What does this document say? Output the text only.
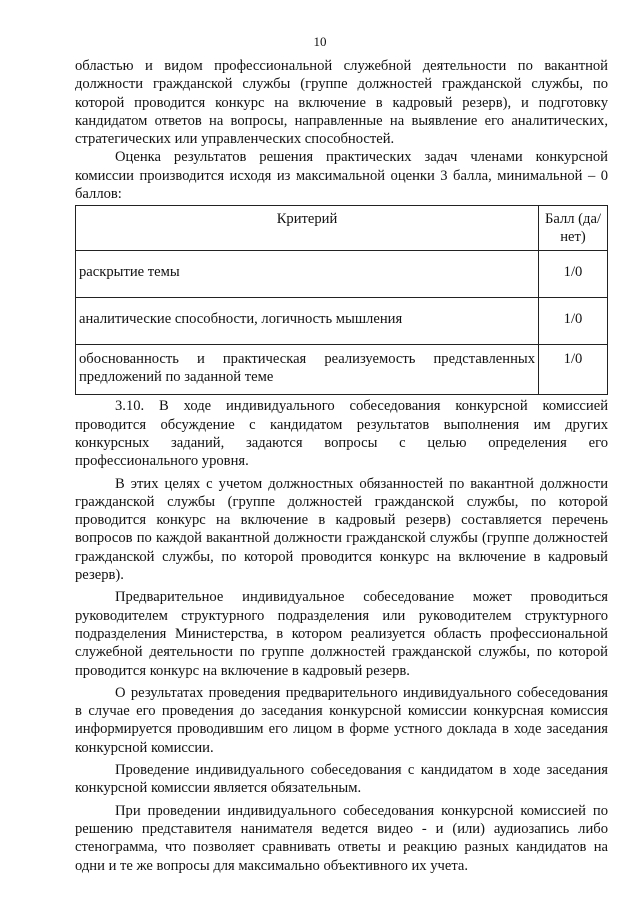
10

областью и видом профессиональной служебной деятельности по вакантной должности гражданской службы (группе должностей гражданской службы, по которой проводится конкурс на включение в кадровый резерв), и подготовку кандидатом ответов на вопросы, направленные на выявление его аналитических, стратегических или управленческих способностей.

Оценка результатов решения практических задач членами конкурсной комиссии производится исходя из максимальной оценки 3 балла, минимальной – 0 баллов:

Критерий	Балл (да/нет)
раскрытие темы	1/0
аналитические способности, логичность мышления	1/0
обоснованность и практическая реализуемость представленных предложений по заданной теме	1/0

3.10. В ходе индивидуального собеседования конкурсной комиссией проводится обсуждение с кандидатом результатов выполнения им других конкурсных заданий, задаются вопросы с целью определения его профессионального уровня.

В этих целях с учетом должностных обязанностей по вакантной должности гражданской службы (группе должностей гражданской службы, по которой проводится конкурс на включение в кадровый резерв) составляется перечень вопросов по каждой вакантной должности гражданской службы (группе должностей гражданской службы, по которой проводится конкурс на включение в кадровый резерв).

Предварительное индивидуальное собеседование может проводиться руководителем структурного подразделения или руководителем структурного подразделения Министерства, в котором реализуется область профессиональной служебной деятельности по группе должностей гражданской службы, по которой проводится конкурс на включение в кадровый резерв.

О результатах проведения предварительного индивидуального собеседования в случае его проведения до заседания конкурсной комиссии конкурсная комиссия информируется проводившим его лицом в форме устного доклада в ходе заседания конкурсной комиссии.

Проведение индивидуального собеседования с кандидатом в ходе заседания конкурсной комиссии является обязательным.

При проведении индивидуального собеседования конкурсной комиссией по решению представителя нанимателя ведется видео - и (или) аудиозапись либо стенограмма, что позволяет сравнивать ответы и реакцию разных кандидатов на одни и те же вопросы для максимально объективного их учета.
